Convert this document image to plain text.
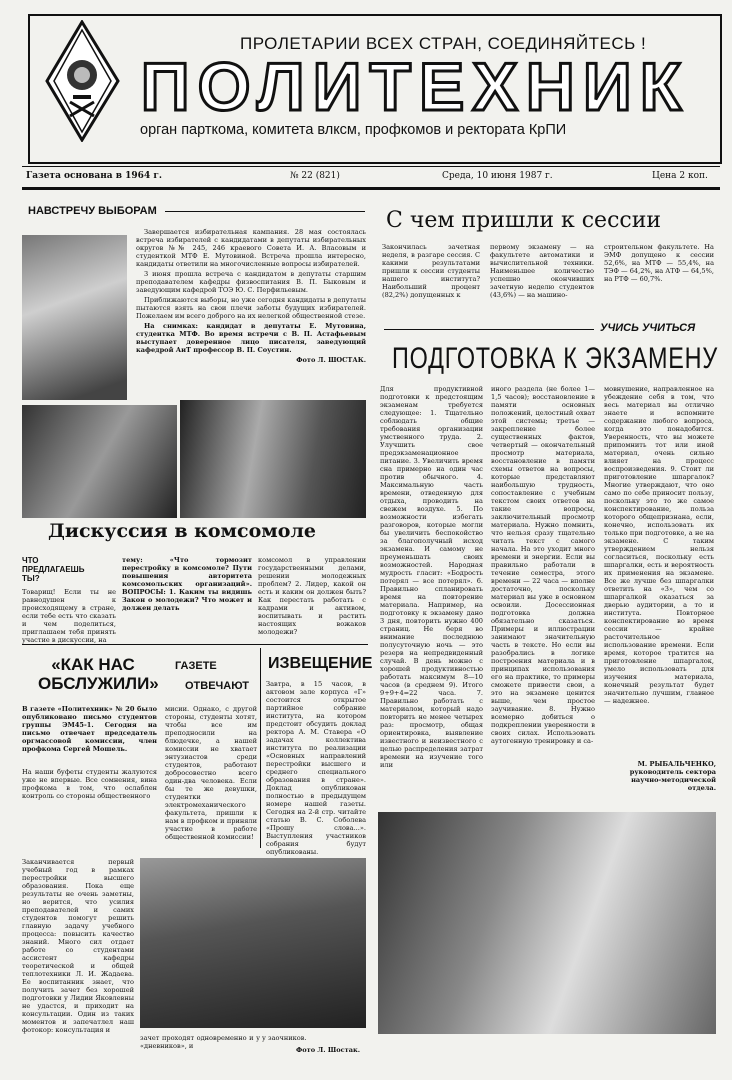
ПРОЛЕТАРИИ ВСЕХ СТРАН, СОЕДИНЯЙТЕСЬ !
ПОЛИТЕХНИК
орган парткома, комитета влкcм, профкомов и ректората КрПИ
Газета основана в 1964 г.	№ 22 (821)	Среда, 10 июня 1987 г.	Цена 2 коп.
НАВСТРЕЧУ ВЫБОРАМ

Завершается избирательная кампания. 28 мая состоялась встреча избирателей с кандидатами в депутаты избирательных округов №№ 245, 246 краевого Совета И. А. Власовым и студенткой МТФ Е. Мутовиной. Встреча прошла интересно, кандидаты ответили на многочисленные вопросы избирателей.

3 июня прошла встреча с кандидатом в депутаты старшим преподавателем кафедры физвоспитания В. П. Быковым и заведующим кафедрой ТОЭ Ю. С. Перфильевым.

Приближаются выборы, но уже сегодня кандидаты в депутаты пытаются взять на свои плечи заботы будущих избирателей. Пожелаем им всего доброго на их нелегкой общественной стезе.

На снимках: кандидат в депутаты Е. Мутовина, студентка МТФ. Во время встречи с В. П. Астафьевым выступает доверенное лицо писателя, заведующий кафедрой АиТ профессор В. П. Соустин.

Фото Л. ШОСТАК.

С чем пришли к сессии
Закончилась зачетная неделя, в разгаре сессия. С какими результатами пришли к сессии студенты нашего института? Наибольший процент (82,2%) допущенных к
первому экзамену — на факультете автоматики и вычислительной техники. Наименьшее количество успешно окончивших зачетную неделю студентов (43,6%) — на машино-
строительном факультете. На ЭМФ допущено к сессии 52,6%, на МТФ — 55,4%, на ТЭФ — 64,2%, на АТФ — 64,5%, на РТФ — 60,7%.
УЧИСЬ УЧИТЬСЯ
ПОДГОТОВКА К ЭКЗАМЕНУ
Для продуктивной подготовки к предстоящим экзаменам требуется следующее: 1. Тщательно соблюдать общие требования организации умственного труда. 2. Улучшить свое предэкзаменационное питание. 3. Увеличить время сна примерно на один час против обычного. 4. Максимальную часть времени, отведенную для отдыха, проводить на свежем воздухе. 5. По возможности избегать разговоров, которые могли бы увеличить беспокойство за благополучный исход экзамена. И самому не преуменьшать своих возможностей. Народная мудрость гласит: «Бодрость потерял — все потерял». 6. Правильно спланировать время на повторение материала. Например, на подготовку к экзамену дано 3 дня, повторить нужно 400 страниц. Не беря во внимание последнюю полусуточную ночь — это резерв на непредвиденный случай. В день можно с хорошей продуктивностью работать максимум 8—10 часов (в среднем 9). Итого 9+9+4=22 часа. 7. Правильно работать с материалом, который надо повторить не менее четырех раз: просмотр, общая ориентировка, выявление известного и неизвестного с целью распределения затрат времени на изучение того или
иного раздела (не более 1—1,5 часов); восстановление в памяти основных положений, целостный охват этой системы; третье — закрепление более существенных фактов, четвертый — окончательный просмотр материала, восстановление в памяти схемы ответов на вопросы, которые представляют наибольшую трудность, сопоставление с учебным текстом своих ответов на такие вопросы, заключительный просмотр материала. Нужно помнить, что нельзя сразу тщательно читать текст с самого начала. На это уходит много времени и энергии. Если вы правильно работали в течение семестра, этого времени — 22 часа — вполне достаточно, поскольку материал вы уже в основном освоили. Досессионная подготовка должна обязательно сказаться. Примеры и иллюстрации занимают значительную часть в тексте. Но если вы разобрались в логике построения материала и в принципах использования его на практике, то примеры сможете привести свои, а это на экзамене ценится выше, чем простое заучивание. 8. Нужно всемерно добиться о подкреплении уверенности в своих силах. Использовать аутогенную тренировку и са-
мовнушение, направленное на убеждение себя в том, что весь материал вы отлично знаете и вспомните содержание любого вопроса, когда это понадобится. Уверенность, что вы можете припомнить тот или иной материал, очень сильно влияет на процесс воспроизведения. 9. Стоит ли приготовление шпаргалок? Многие утверждают, что оно само по себе приносит пользу, поскольку это то же самое конспектирование, польза которого общепризнана, если, конечно, использовать их только при подготовке, а не на экзамене. С таким утверждением нельзя согласиться, поскольку есть шпаргалки, есть и вероятность их применения на экзамене. Все же лучше без шпаргалки ответить на «3», чем со шпаргалкой оказаться за дверью аудитории, а то и института. Повторное конспектирование во время сессии — крайне расточительное использование времени. Если время, которое тратится на приготовление шпаргалок, умело использовать для изучения материала, конечный результат будет значительно лучшим, главное — надежнее.
М. РЫБАЛЬЧЕНКО,
руководитель сектора научно-методической отдела.
Дискуссия в комсомоле
ЧТО ПРЕДЛАГАЕШЬ ТЫ?
Товарищ! Если ты не равнодушен к происходящему в стране, если тебе есть что сказать и чем поделиться, приглашаем тебя принять участие в дискуссии, на
тему: «Что тормозит перестройку в комсомоле? Пути повышения авторитета комсомольских организаций». ВОПРОСЫ: 1. Каким ты видишь Закон о молодежи? Что может и должен делать
комсомол в управлении государственными делами, решении молодежных проблем? 2. Лидер, какой он есть и каким он должен быть? Как перестать работать с кадрами и активом, воспитывать и растить настоящих вожаков молодежи?
«КАК НАС ОБСЛУЖИЛИ»
В газете «Политехник» № 20 было опубликовано письмо студентов группы ЭМ45-1. Сегодня на письмо отвечает председатель оргмассовой комиссии, член профкома Сергей Мошель.
На наши буфеты студенты жалуются уже не впервые. Все сомнения, вина профкома в том, что ослаблен контроль со стороны общественного
ГАЗЕТЕ
ОТВЕЧАЮТ
мисии. Однако, с другой стороны, студенты хотят, чтобы все им преподносили на блюдечке, а нашей комиссии не хватает энтузиастов среди студентов, работают добросовестно всего один-два человека. Если бы те же девушки, студентки электромеханического факультета, пришли к нам в профком и приняли участие в работе общественной комиссии!
ИЗВЕЩЕНИЕ
Завтра, в 15 часов, в актовом зале корпуса «Г» состоится открытое партийное собрание института, на котором предстоит обсудить доклад ректора А. М. Ставера «О задачах коллектива института по реализации «Основных направлений перестройки высшего и среднего специального образования в стране». Доклад опубликован полностью в предыдущем номере нашей газеты. Сегодня на 2-й стр. читайте статью В. С. Соболева «Прошу слова...». Выступления участников собрания будут опубликованы.
Заканчивается первый учебный год в рамках перестройки высшего образования. Пока еще результаты не очень заметны, но верится, что усилия преподавателей и самих студентов помогут решить главную задачу учебного процесса: повысить качество знаний. Много сил отдает работе со студентами ассистент кафедры теоретической и общей теплотехники Л. И. Жадаева. Ее воспитанник знает, что получить зачет без хорошей подготовки у Лидии Яковлевны не удастся, и приходит на консультации. Один из таких моментов и запечатлел наш фотокор: консультация и
зачет проходят одновременно и у «дневников», и
у заочников.
Фото Л. Шостак.
